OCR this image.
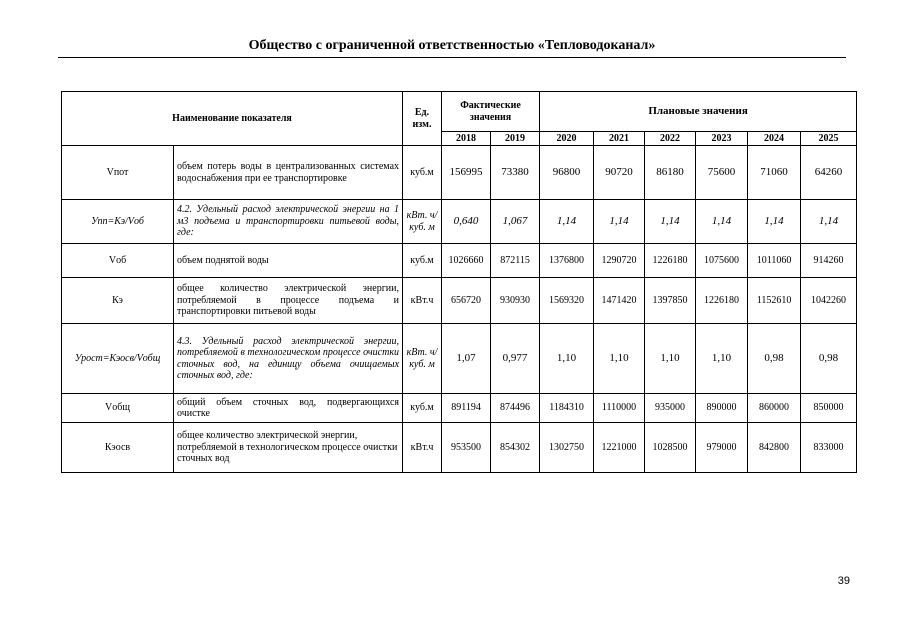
Общество с ограниченной ответственностью «Тепловодоканал»
Наименование показателя		Ед. изм.	Фактические значения		Плановые значения					
			2018	2019	2020	2021	2022	2023	2024	2025
Vпот	объем потерь воды в централизованных системах водоснабжения при ее транспортировке	куб.м	156995	73380	96800	90720	86180	75600	71060	64260
Упп=Кэ/Vоб	4.2. Удельный расход электрической энергии на 1 м3 подъема и транспортировки питьевой воды, где:	кВт. ч/куб. м	0,640	1,067	1,14	1,14	1,14	1,14	1,14	1,14
Vоб	объем поднятой воды	куб.м	1026660	872115	1376800	1290720	1226180	1075600	1011060	914260
Кэ	общее количество электрической энергии, потребляемой в процессе подъема и транспортировки питьевой воды	кВт.ч	656720	930930	1569320	1471420	1397850	1226180	1152610	1042260
Урост=Кэосв/Vобщ	4.3. Удельный расход электрической энергии, потребляемой в технологическом процессе очистки сточных вод, на единицу объема очищаемых сточных вод, где:	кВт. ч/куб. м	1,07	0,977	1,10	1,10	1,10	1,10	0,98	0,98
Vобщ	общий объем сточных вод, подвергающихся очистке	куб.м	891194	874496	1184310	1110000	935000	890000	860000	850000
Кэосв	общее количество электрической энергии, потребляемой в технологическом процессе очистки сточных вод	кВт.ч	953500	854302	1302750	1221000	1028500	979000	842800	833000
39
